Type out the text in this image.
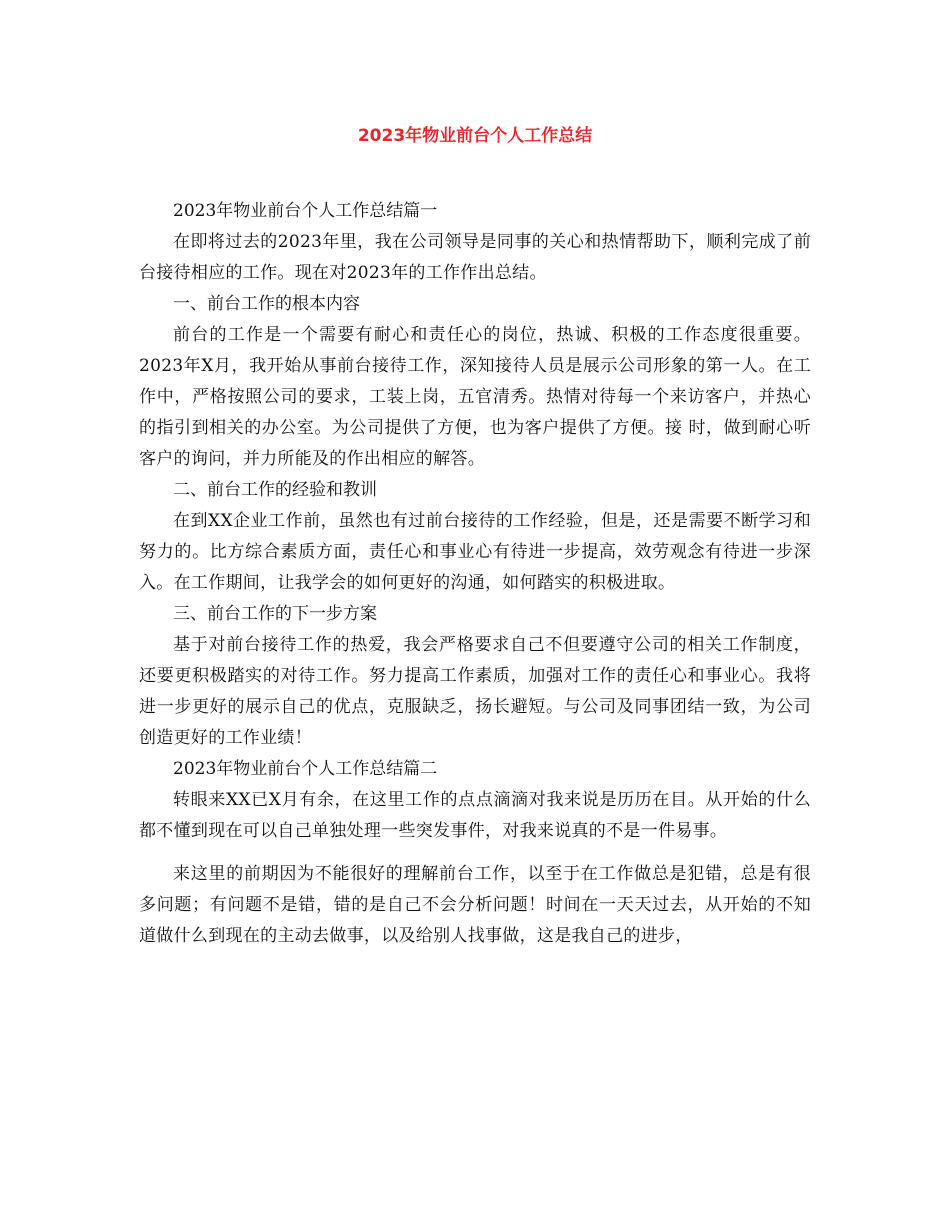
2023年物业前台个人工作总结

2023年物业前台个人工作总结篇一

在即将过去的2023年里，我在公司领导是同事的关心和热情帮助下，顺利完成了前台接待相应的工作。现在对2023年的工作作出总结。

一、前台工作的根本内容

前台的工作是一个需要有耐心和责任心的岗位，热诚、积极的工作态度很重要。2023年X月，我开始从事前台接待工作，深知接待人员是展示公司形象的第一人。在工作中，严格按照公司的要求，工装上岗，五官清秀。热情对待每一个来访客户，并热心的指引到相关的办公室。为公司提供了方便，也为客户提供了方便。接 时，做到耐心听客户的询问，并力所能及的作出相应的解答。

二、前台工作的经验和教训

在到XX企业工作前，虽然也有过前台接待的工作经验，但是，还是需要不断学习和努力的。比方综合素质方面，责任心和事业心有待进一步提高，效劳观念有待进一步深入。在工作期间，让我学会的如何更好的沟通，如何踏实的积极进取。

三、前台工作的下一步方案

基于对前台接待工作的热爱，我会严格要求自己不但要遵守公司的相关工作制度，还要更积极踏实的对待工作。努力提高工作素质，加强对工作的责任心和事业心。我将进一步更好的展示自己的优点，克服缺乏，扬长避短。与公司及同事团结一致，为公司创造更好的工作业绩！

2023年物业前台个人工作总结篇二

转眼来XX已X月有余，在这里工作的点点滴滴对我来说是历历在目。从开始的什么都不懂到现在可以自己单独处理一些突发事件，对我来说真的不是一件易事。

来这里的前期因为不能很好的理解前台工作，以至于在工作做总是犯错，总是有很多问题；有问题不是错，错的是自己不会分析问题！时间在一天天过去，从开始的不知道做什么到现在的主动去做事，以及给别人找事做，这是我自己的进步，
